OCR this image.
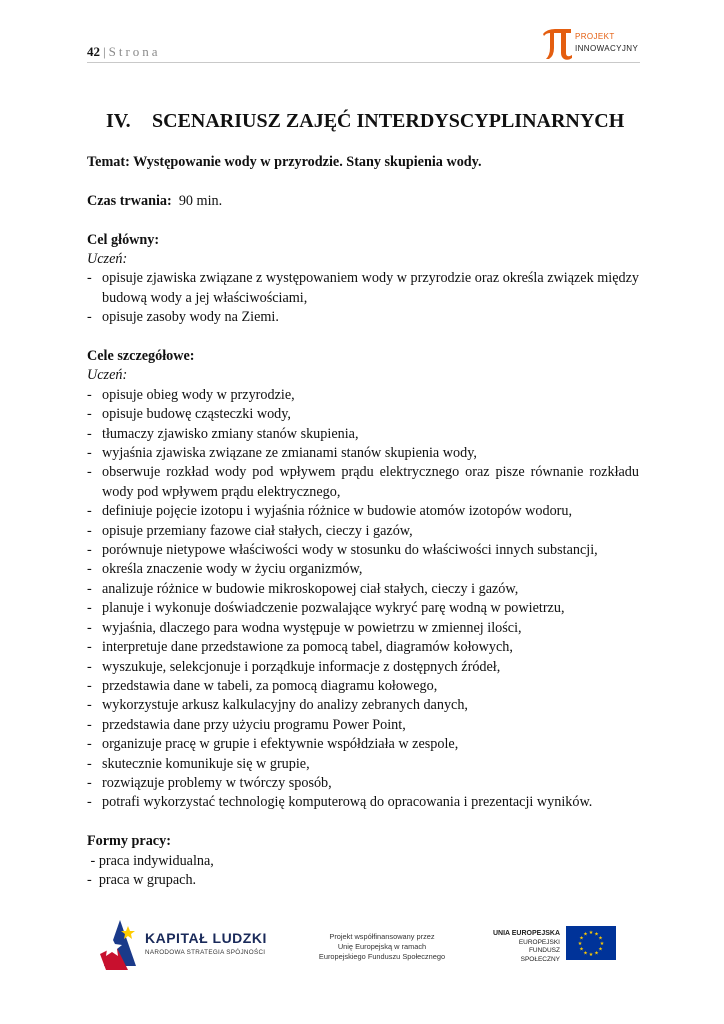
42 | Strona
PROJEKT
INNOWACYJNY
IV. SCENARIUSZ ZAJĘĆ INTERDYSCYPLINARNYCH

Temat: Występowanie wody w przyrodzie. Stany skupienia wody.

Czas trwania: 90 min.

Cel główny:

Uczeń:

- opisuje zjawiska związane z występowaniem wody w przyrodzie oraz określa związek między budową wody a jej właściwościami,
- opisuje zasoby wody na Ziemi.

Cele szczegółowe:

Uczeń:

- opisuje obieg wody w przyrodzie,
- opisuje budowę cząsteczki wody,
- tłumaczy zjawisko zmiany stanów skupienia,
- wyjaśnia zjawiska związane ze zmianami stanów skupienia wody,
- obserwuje rozkład wody pod wpływem prądu elektrycznego oraz pisze równanie rozkładu wody pod wpływem prądu elektrycznego,
- definiuje pojęcie izotopu i wyjaśnia różnice w budowie atomów izotopów wodoru,
- opisuje przemiany fazowe ciał stałych, cieczy i gazów,
- porównuje nietypowe właściwości wody w stosunku do właściwości innych substancji,
- określa znaczenie wody w życiu organizmów,
- analizuje różnice w budowie mikroskopowej ciał stałych, cieczy i gazów,
- planuje i wykonuje doświadczenie pozwalające wykryć parę wodną w powietrzu,
- wyjaśnia, dlaczego para wodna występuje w powietrzu w zmiennej ilości,
- interpretuje dane przedstawione za pomocą tabel, diagramów kołowych,
- wyszukuje, selekcjonuje i porządkuje informacje z dostępnych źródeł,
- przedstawia dane w tabeli, za pomocą diagramu kołowego,
- wykorzystuje arkusz kalkulacyjny do analizy zebranych danych,
- przedstawia dane przy użyciu programu Power Point,
- organizuje pracę w grupie i efektywnie współdziała w zespole,
- skutecznie komunikuje się w grupie,
- rozwiązuje problemy w twórczy sposób,
- potrafi wykorzystać technologię komputerową do opracowania i prezentacji wyników.

Formy pracy:

- praca indywidualna,

-  praca w grupach.

KAPITAŁ LUDZKI
NARODOWA STRATEGIA SPÓJNOŚCI
Projekt współfinansowany przez
Unię Europejską w ramach
Europejskiego Funduszu Społecznego
UNIA EUROPEJSKA
EUROPEJSKI
FUNDUSZ SPOŁECZNY
★ ★
★
★
★
★
★
★
★
★
★
★
